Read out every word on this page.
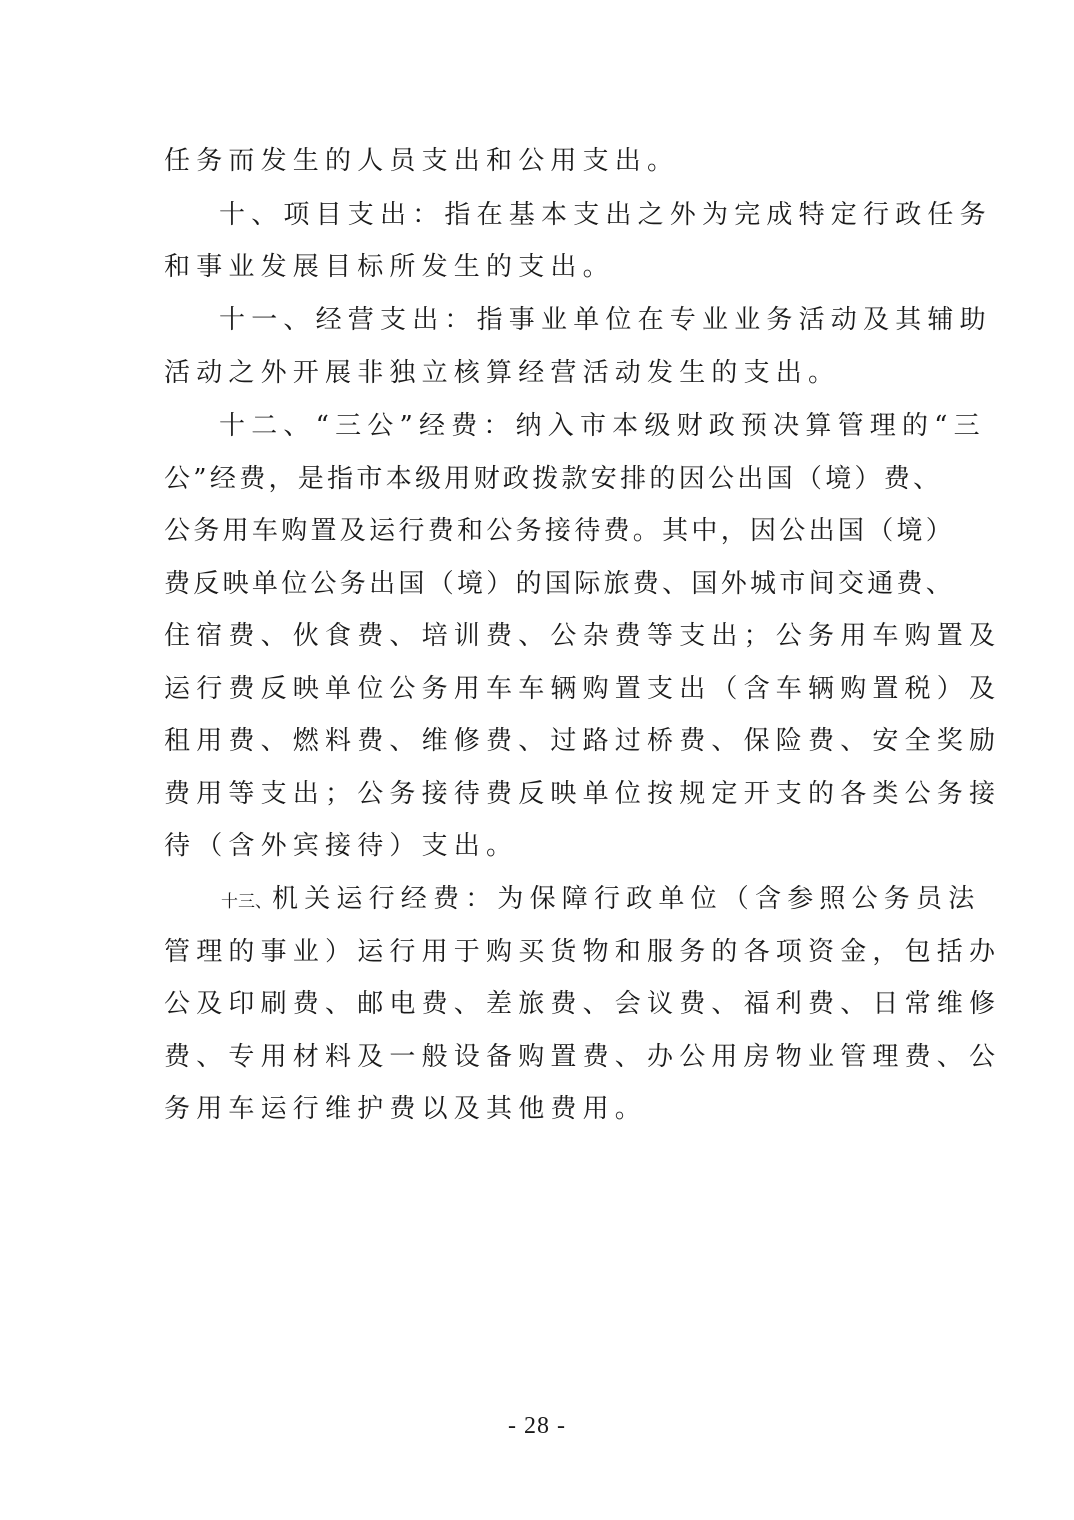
任务而发生的人员支出和公用支出。
十、项目支出：指在基本支出之外为完成特定行政任务
和事业发展目标所发生的支出。
十一、经营支出：指事业单位在专业业务活动及其辅助
活动之外开展非独立核算经营活动发生的支出。
十二、“三公”经费：纳入市本级财政预决算管理的“三
公”经费，是指市本级用财政拨款安排的因公出国（境）费、
公务用车购置及运行费和公务接待费。其中，因公出国（境）
费反映单位公务出国（境）的国际旅费、国外城市间交通费、
住宿费、伙食费、培训费、公杂费等支出；公务用车购置及
运行费反映单位公务用车车辆购置支出（含车辆购置税）及
租用费、燃料费、维修费、过路过桥费、保险费、安全奖励
费用等支出；公务接待费反映单位按规定开支的各类公务接
待（含外宾接待）支出。
十三、机关运行经费：为保障行政单位（含参照公务员法
管理的事业）运行用于购买货物和服务的各项资金，包括办
公及印刷费、邮电费、差旅费、会议费、福利费、日常维修
费、专用材料及一般设备购置费、办公用房物业管理费、公
务用车运行维护费以及其他费用。
- 28 -
